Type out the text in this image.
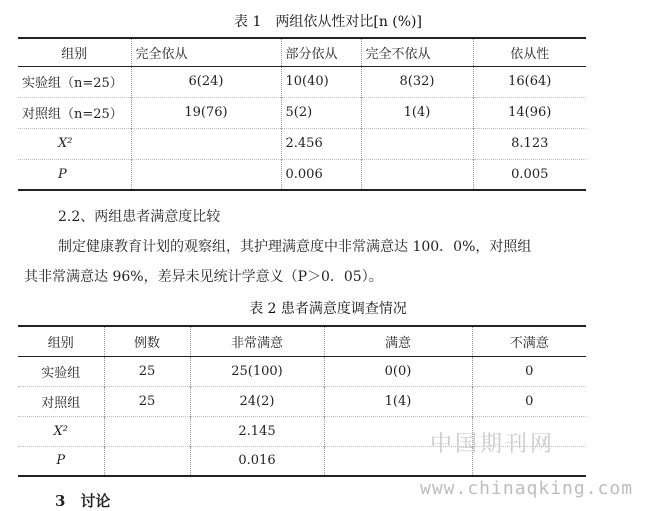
表 1　两组依从性对比[n (%)]
组别	完全依从	部分依从	完全不依从	依从性
实验组（n=25）	6(24)	10(40)	8(32)	16(64)
对照组（n=25）	19(76)	5(2)	1(4)	14(96)
X²		2.456		8.123
P		0.006		0.005
2.2、两组患者满意度比较
制定健康教育计划的观察组，其护理满意度中非常满意达 100．0%，对照组
其非常满意达 96%，差异未见统计学意义（P＞0．05）。
表 2 患者满意度调查情况
组别	例数	非常满意	满意	不满意
实验组	25	25(100)	0(0)	0
对照组	25	24(2)	1(4)	0
X²		2.145		
P		0.016		
中国期刊网
3　讨论
www.chinaqking.com
